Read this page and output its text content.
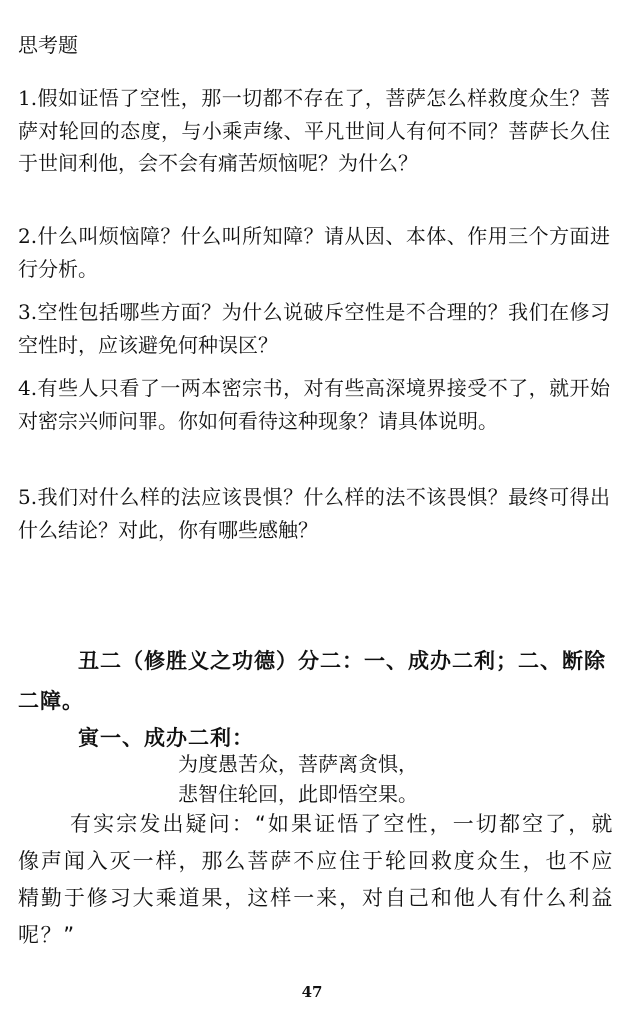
思考题

1.假如证悟了空性，那一切都不存在了，菩萨怎么样救度众生？菩萨对轮回的态度，与小乘声缘、平凡世间人有何不同？菩萨长久住于世间利他，会不会有痛苦烦恼呢？为什么？

2.什么叫烦恼障？什么叫所知障？请从因、本体、作用三个方面进行分析。

3.空性包括哪些方面？为什么说破斥空性是不合理的？我们在修习空性时，应该避免何种误区？

4.有些人只看了一两本密宗书，对有些高深境界接受不了，就开始对密宗兴师问罪。你如何看待这种现象？请具体说明。

5.我们对什么样的法应该畏惧？什么样的法不该畏惧？最终可得出什么结论？对此，你有哪些感触？

丑二（修胜义之功德）分二：一、成办二利；二、断除二障。

寅一、成办二利：

为度愚苦众，菩萨离贪惧，

悲智住轮回，此即悟空果。

有实宗发出疑问：“如果证悟了空性，一切都空了，就像声闻入灭一样，那么菩萨不应住于轮回救度众生，也不应精勤于修习大乘道果，这样一来，对自己和他人有什么利益呢？”

47
